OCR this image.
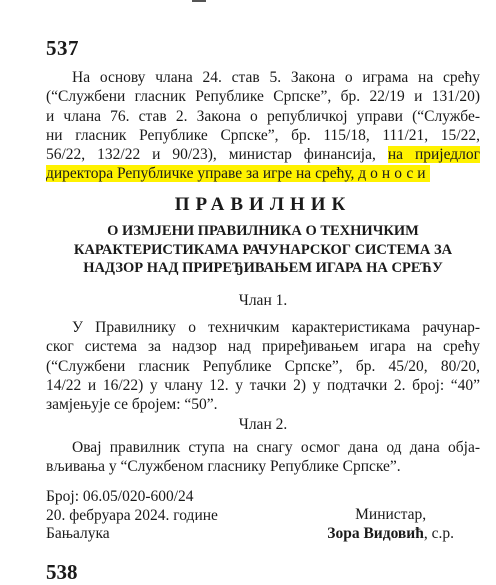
537
На основу члана 24. став 5. Закона о играма на срећу
(“Службени гласник Републике Српске”, бр. 22/19 и 131/20)
и члана 76. став 2. Закона о републичкој управи (“Службе-
ни гласник Републике Српске”, бр. 115/18, 111/21, 15/22,
56/22, 132/22 и 90/23), министар финансија, на приједлог
директора Републичке управе за игре на срећу, доноси
ПРАВИЛНИК
О ИЗМЈЕНИ ПРАВИЛНИКА О ТЕХНИЧКИМ
КАРАКТЕРИСТИКАМА РАЧУНАРСКОГ СИСТЕМА ЗА
НАДЗОР НАД ПРИРЕЂИВАЊЕМ ИГАРА НА СРЕЋУ
Члан 1.
У Правилнику о техничким карактеристикама рачунар-
ског система за надзор над приређивањем игара на срећу
(“Службени гласник Републике Српске”, бр. 45/20, 80/20,
14/22 и 16/22) у члану 12. у тачки 2) у подтачки 2. број: “40”
замјењује се бројем: “50”.
Члан 2.
Овај правилник ступа на снагу осмог дана од дана обја-
вљивања у “Службеном гласнику Републике Српске”.
Број: 06.05/020-600/24
20. фебруара 2024. године
Бањалука
Министар,
Зора Видовић, с.р.
538
